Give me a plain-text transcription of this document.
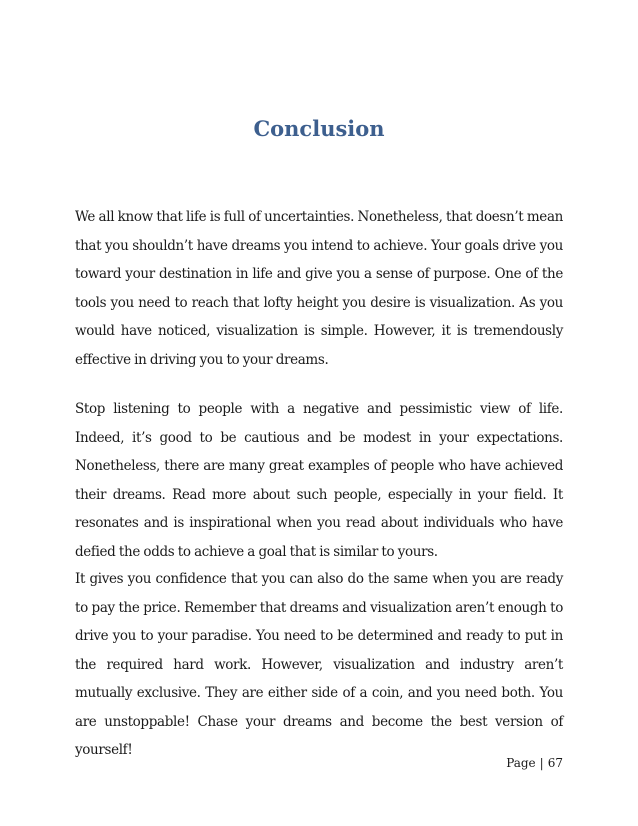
Conclusion

We all know that life is full of uncertainties. Nonetheless, that doesn’t mean that you shouldn’t have dreams you intend to achieve. Your goals drive you toward your destination in life and give you a sense of purpose. One of the tools you need to reach that lofty height you desire is visualization. As you would have noticed, visualization is simple. However, it is tremendously effective in driving you to your dreams.

Stop listening to people with a negative and pessimistic view of life. Indeed, it’s good to be cautious and be modest in your expectations. Nonetheless, there are many great examples of people who have achieved their dreams. Read more about such people, especially in your field. It resonates and is inspirational when you read about individuals who have defied the odds to achieve a goal that is similar to yours.

It gives you confidence that you can also do the same when you are ready to pay the price. Remember that dreams and visualization aren’t enough to drive you to your paradise. You need to be determined and ready to put in the required hard work. However, visualization and industry aren’t mutually exclusive. They are either side of a coin, and you need both. You are unstoppable! Chase your dreams and become the best version of yourself!

Page | 67
